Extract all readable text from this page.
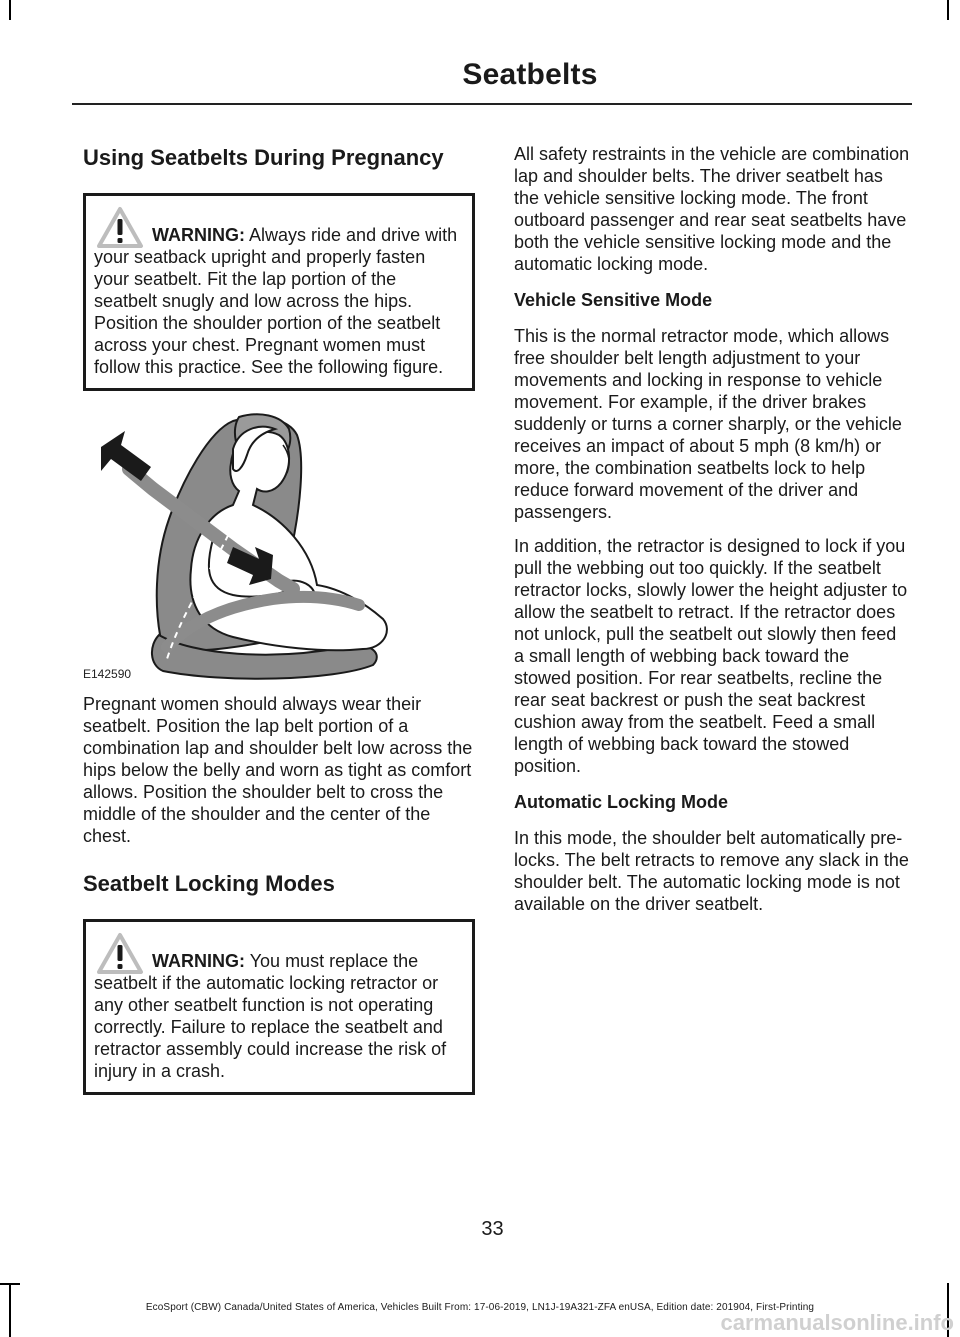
Seatbelts
Using Seatbelts During Pregnancy

WARNING: Always ride and drive with your seatback upright and properly fasten your seatbelt. Fit the lap portion of the seatbelt snugly and low across the hips. Position the shoulder portion of the seatbelt across your chest. Pregnant women must follow this practice. See the following figure.

E142590

Pregnant women should always wear their seatbelt. Position the lap belt portion of a combination lap and shoulder belt low across the hips below the belly and worn as tight as comfort allows. Position the shoulder belt to cross the middle of the shoulder and the center of the chest.

Seatbelt Locking Modes

WARNING: You must replace the seatbelt if the automatic locking retractor or any other seatbelt function is not operating correctly. Failure to replace the seatbelt and retractor assembly could increase the risk of injury in a crash.

All safety restraints in the vehicle are combination lap and shoulder belts. The driver seatbelt has the vehicle sensitive locking mode. The front outboard passenger and rear seat seatbelts have both the vehicle sensitive locking mode and the automatic locking mode.

Vehicle Sensitive Mode

This is the normal retractor mode, which allows free shoulder belt length adjustment to your movements and locking in response to vehicle movement. For example, if the driver brakes suddenly or turns a corner sharply, or the vehicle receives an impact of about 5 mph (8 km/h) or more, the combination seatbelts lock to help reduce forward movement of the driver and passengers.

In addition, the retractor is designed to lock if you pull the webbing out too quickly. If the seatbelt retractor locks, slowly lower the height adjuster to allow the seatbelt to retract. If the retractor does not unlock, pull the seatbelt out slowly then feed a small length of webbing back toward the stowed position. For rear seatbelts, recline the rear seat backrest or push the seat backrest cushion away from the seatbelt. Feed a small length of webbing back toward the stowed position.

Automatic Locking Mode

In this mode, the shoulder belt automatically pre-locks. The belt retracts to remove any slack in the shoulder belt. The automatic locking mode is not available on the driver seatbelt.

33
EcoSport (CBW) Canada/United States of America, Vehicles Built From: 17-06-2019, LN1J-19A321-ZFA enUSA, Edition date: 201904, First-Printing
carmanualsonline.info
